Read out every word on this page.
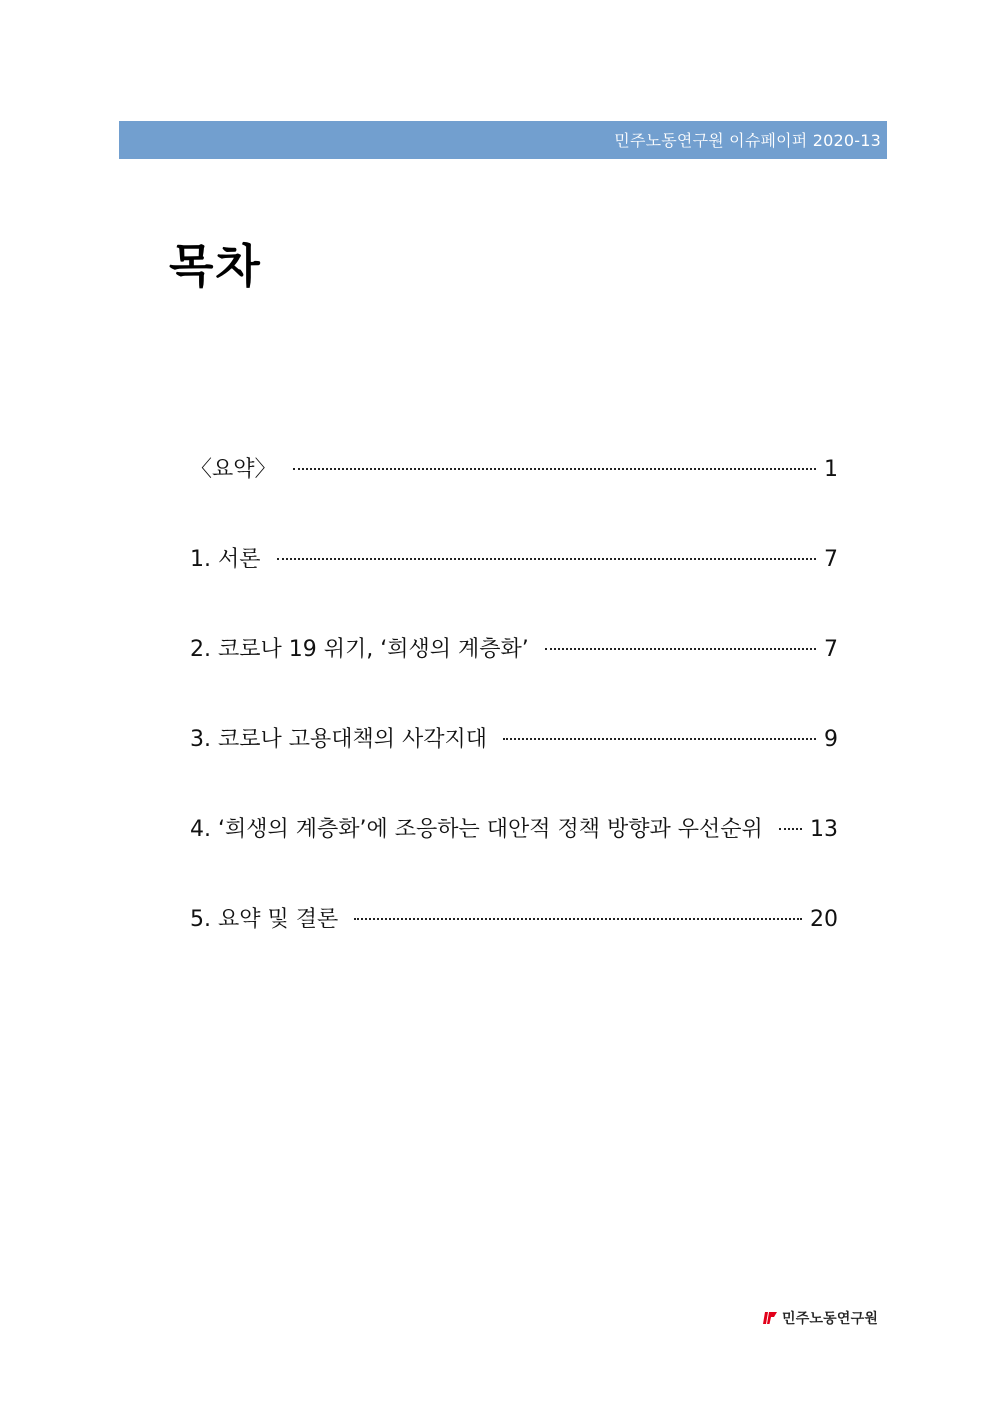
민주노동연구원 이슈페이퍼 2020-13
목차
〈요약〉	1
1. 서론	7
2. 코로나 19 위기, ‘희생의 계층화’	7
3. 코로나 고용대책의 사각지대	9
4. ‘희생의 계층화’에 조응하는 대안적 정책 방향과 우선순위 13
5. 요약 및 결론	20
민주노동연구원
